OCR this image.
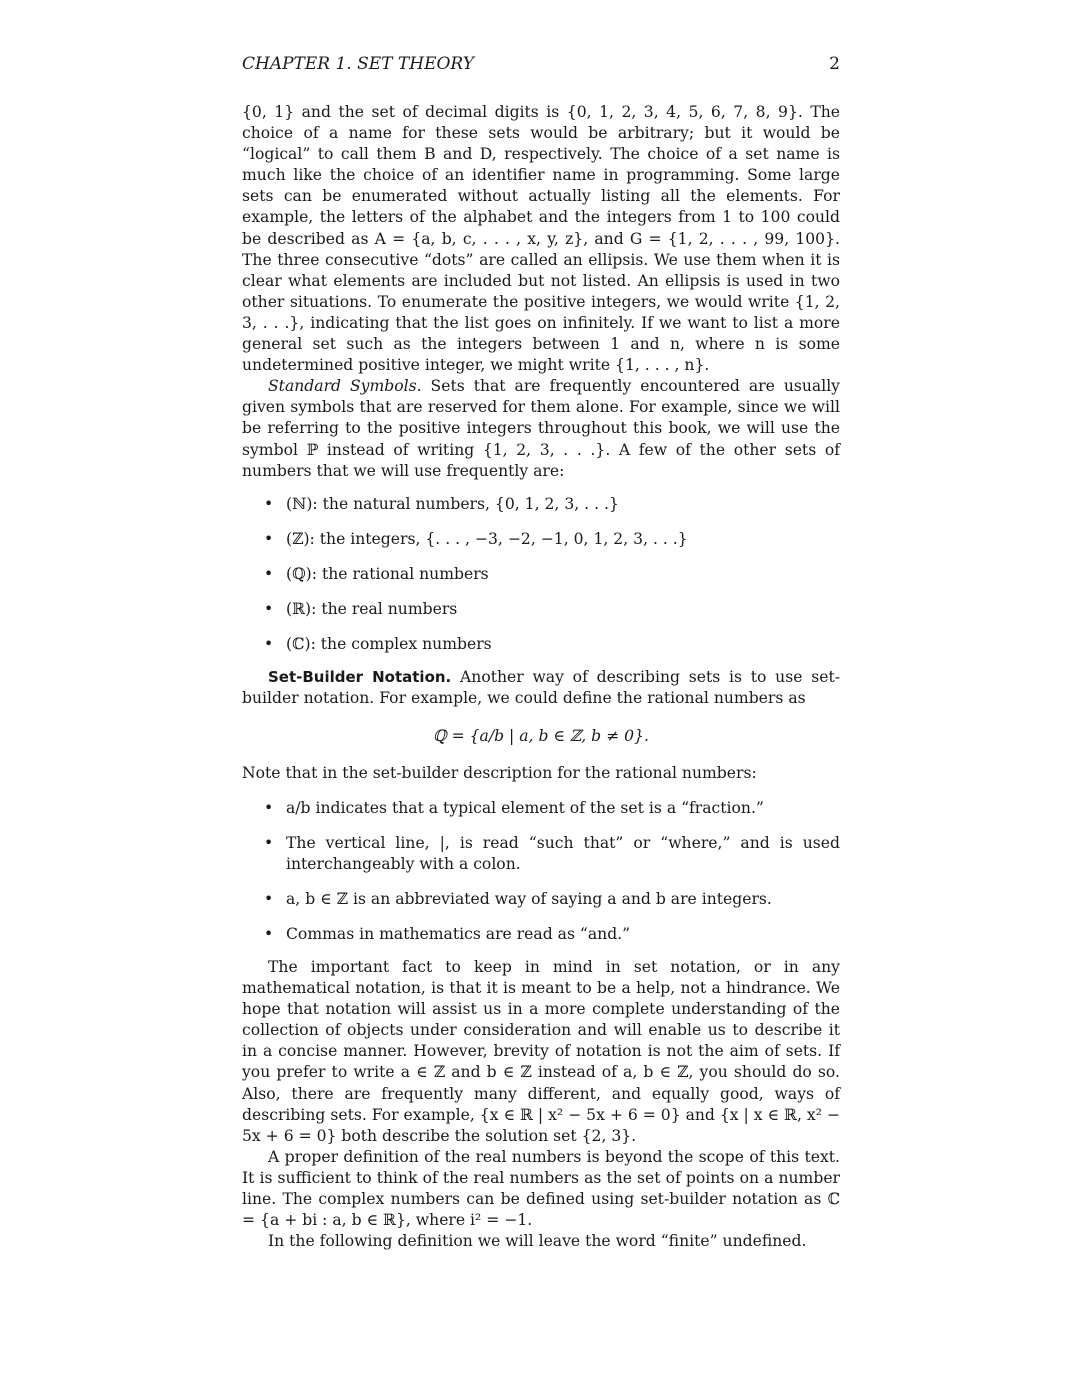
CHAPTER 1. SET THEORY	2

{0, 1} and the set of decimal digits is {0, 1, 2, 3, 4, 5, 6, 7, 8, 9}. The choice of a name for these sets would be arbitrary; but it would be “logical” to call them B and D, respectively. The choice of a set name is much like the choice of an identifier name in programming. Some large sets can be enumerated without actually listing all the elements. For example, the letters of the alphabet and the integers from 1 to 100 could be described as A = {a, b, c, . . . , x, y, z}, and G = {1, 2, . . . , 99, 100}. The three consecutive “dots” are called an ellipsis. We use them when it is clear what elements are included but not listed. An ellipsis is used in two other situations. To enumerate the positive integers, we would write {1, 2, 3, . . .}, indicating that the list goes on infinitely. If we want to list a more general set such as the integers between 1 and n, where n is some undetermined positive integer, we might write {1, . . . , n}.

Standard Symbols. Sets that are frequently encountered are usually given symbols that are reserved for them alone. For example, since we will be referring to the positive integers throughout this book, we will use the symbol ℙ instead of writing {1, 2, 3, . . .}. A few of the other sets of numbers that we will use frequently are:

• (ℕ): the natural numbers, {0, 1, 2, 3, . . .}
• (ℤ): the integers, {. . . , −3, −2, −1, 0, 1, 2, 3, . . .}
• (ℚ): the rational numbers
• (ℝ): the real numbers
• (ℂ): the complex numbers

Set-Builder Notation. Another way of describing sets is to use set-builder notation. For example, we could define the rational numbers as

ℚ = {a/b | a, b ∈ ℤ, b ≠ 0}.

Note that in the set-builder description for the rational numbers:

• a/b indicates that a typical element of the set is a “fraction.”
• The vertical line, |, is read “such that” or “where,” and is used interchangeably with a colon.
• a, b ∈ ℤ is an abbreviated way of saying a and b are integers.
• Commas in mathematics are read as “and.”

The important fact to keep in mind in set notation, or in any mathematical notation, is that it is meant to be a help, not a hindrance. We hope that notation will assist us in a more complete understanding of the collection of objects under consideration and will enable us to describe it in a concise manner. However, brevity of notation is not the aim of sets. If you prefer to write a ∈ ℤ and b ∈ ℤ instead of a, b ∈ ℤ, you should do so. Also, there are frequently many different, and equally good, ways of describing sets. For example, {x ∈ ℝ | x² − 5x + 6 = 0} and {x | x ∈ ℝ, x² − 5x + 6 = 0} both describe the solution set {2, 3}.

A proper definition of the real numbers is beyond the scope of this text. It is sufficient to think of the real numbers as the set of points on a number line. The complex numbers can be defined using set-builder notation as ℂ = {a + bi : a, b ∈ ℝ}, where i² = −1.

In the following definition we will leave the word “finite” undefined.
